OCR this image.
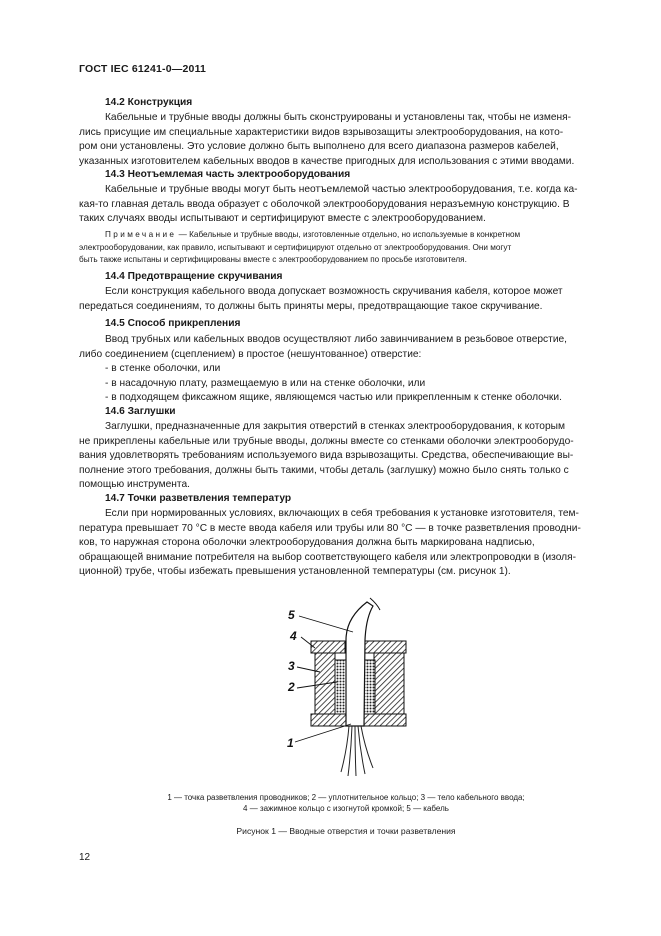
ГОСТ IEC 61241-0—2011
14.2 Конструкция

Кабельные и трубные вводы должны быть сконструированы и установлены так, чтобы не изменя-

лись присущие им специальные характеристики видов взрывозащиты электрооборудования, на кото-

ром они установлены. Это условие должно быть выполнено для всего диапазона размеров кабелей,

указанных изготовителем кабельных вводов в качестве пригодных для использования с этими вводами.

14.3 Неотъемлемая часть электрооборудования

Кабельные и трубные вводы могут быть неотъемлемой частью электрооборудования, т.е. когда ка-

кая-то главная деталь ввода образует с оболочкой электрооборудования неразъемную конструкцию. В

таких случаях вводы испытывают и сертифицируют вместе с электрооборудованием.

Примечание — Кабельные и трубные вводы, изготовленные отдельно, но используемые в конкретном
электрооборудовании, как правило, испытывают и сертифицируют отдельно от электрооборудования. Они могут
быть также испытаны и сертифицированы вместе с электрооборудованием по просьбе изготовителя.
14.4 Предотвращение скручивания

Если конструкция кабельного ввода допускает возможность скручивания кабеля, которое может

передаться соединениям, то должны быть приняты меры, предотвращающие такое скручивание.

14.5 Способ прикрепления

Ввод трубных или кабельных вводов осуществляют либо завинчиванием в резьбовое отверстие,

либо соединением (сцеплением) в простое (нешунтованное) отверстие:

- в стенке оболочки, или

- в насадочную плату, размещаемую в или на стенке оболочки, или

- в подходящем фиксажном ящике, являющемся частью или прикрепленным к стенке оболочки.

14.6 Заглушки

Заглушки, предназначенные для закрытия отверстий в стенках электрооборудования, к которым

не прикреплены кабельные или трубные вводы, должны вместе со стенками оболочки электрооборудо-

вания удовлетворять требованиям используемого вида взрывозащиты. Средства, обеспечивающие вы-

полнение этого требования, должны быть такими, чтобы деталь (заглушку) можно было снять только с

помощью инструмента.

14.7 Точки разветвления температур

Если при нормированных условиях, включающих в себя требования к установке изготовителя, тем-

пература превышает 70 °С в месте ввода кабеля или трубы или 80 °С — в точке разветвления проводни-

ков, то наружная сторона оболочки электрооборудования должна быть маркирована надписью,

обращающей внимание потребителя на выбор соответствующего кабеля или электропроводки в (изоля-

ционной) трубе, чтобы избежать превышения установленной температуры (см. рисунок 1).

5
4
3
2
1
1 — точка разветвления проводников; 2 — уплотнительное кольцо; 3 — тело кабельного ввода;
4 — зажимное кольцо с изогнутой кромкой; 5 — кабель
Рисунок 1 — Вводные отверстия и точки разветвления
12
